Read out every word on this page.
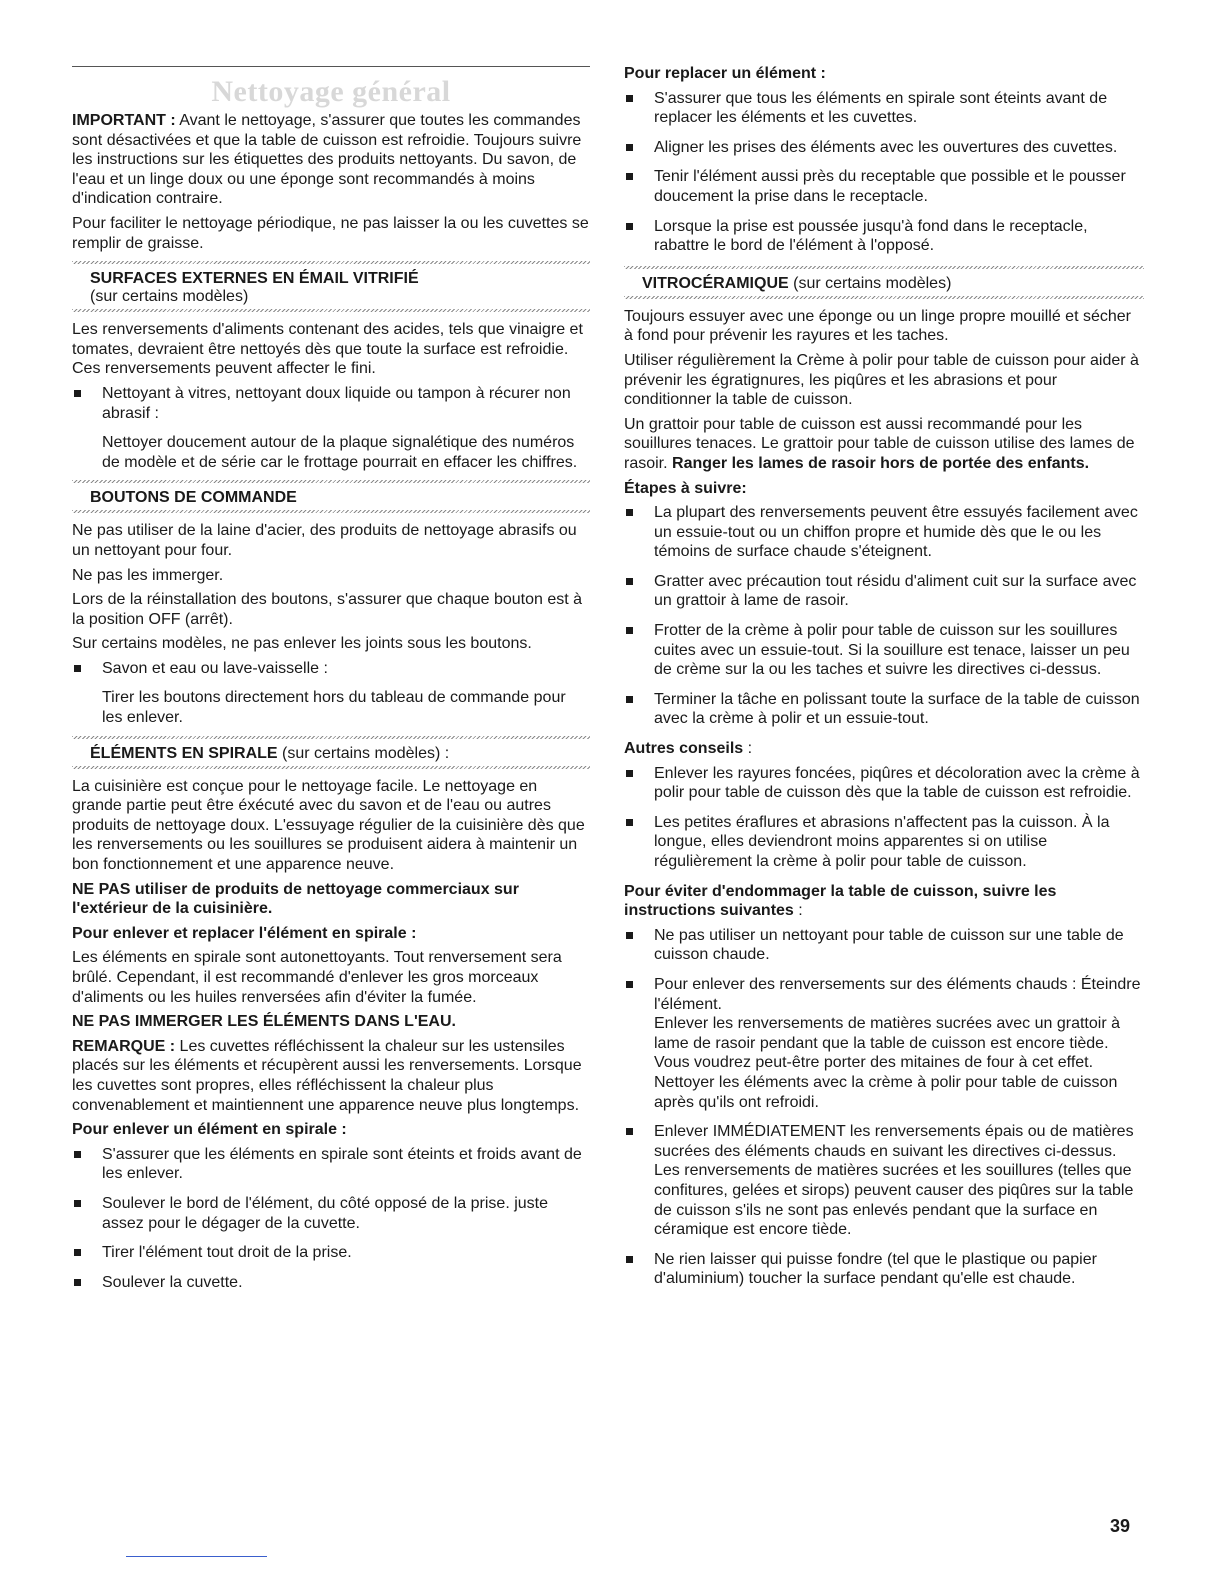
Nettoyage général

IMPORTANT : Avant le nettoyage, s'assurer que toutes les commandes sont désactivées et que la table de cuisson est refroidie. Toujours suivre les instructions sur les étiquettes des produits nettoyants. Du savon, de l'eau et un linge doux ou une éponge sont recommandés à moins d'indication contraire.

Pour faciliter le nettoyage périodique, ne pas laisser la ou les cuvettes se remplir de graisse.

SURFACES EXTERNES EN ÉMAIL VITRIFIÉ
(sur certains modèles)

Les renversements d'aliments contenant des acides, tels que vinaigre et tomates, devraient être nettoyés dès que toute la surface est refroidie. Ces renversements peuvent affecter le fini.

Nettoyant à vitres, nettoyant doux liquide ou tampon à récurer non abrasif :

Nettoyer doucement autour de la plaque signalétique des numéros de modèle et de série car le frottage pourrait en effacer les chiffres.

BOUTONS DE COMMANDE

Ne pas utiliser de la laine d'acier, des produits de nettoyage abrasifs ou un nettoyant pour four.

Ne pas les immerger.

Lors de la réinstallation des boutons, s'assurer que chaque bouton est à la position OFF (arrêt).

Sur certains modèles, ne pas enlever les joints sous les boutons.

Savon et eau ou lave-vaisselle :

Tirer les boutons directement hors du tableau de commande pour les enlever.

ÉLÉMENTS EN SPIRALE (sur certains modèles) :

La cuisinière est conçue pour le nettoyage facile. Le nettoyage en grande partie peut être éxécuté avec du savon et de l'eau ou autres produits de nettoyage doux. L'essuyage régulier de la cuisinière dès que les renversements ou les souillures se produisent aidera à maintenir un bon fonctionnement et une apparence neuve.

NE PAS utiliser de produits de nettoyage commerciaux sur l'extérieur de la cuisinière.

Pour enlever et replacer l'élément en spirale :

Les éléments en spirale sont autonettoyants. Tout renversement sera brûlé. Cependant, il est recommandé d'enlever les gros morceaux d'aliments ou les huiles renversées afin d'éviter la fumée.

NE PAS IMMERGER LES ÉLÉMENTS DANS L'EAU.

REMARQUE : Les cuvettes réfléchissent la chaleur sur les ustensiles placés sur les éléments et récupèrent aussi les renversements. Lorsque les cuvettes sont propres, elles réfléchissent la chaleur plus convenablement et maintiennent une apparence neuve plus longtemps.

Pour enlever un élément en spirale :

S'assurer que les éléments en spirale sont éteints et froids avant de les enlever.
Soulever le bord de l'élément, du côté opposé de la prise. juste assez pour le dégager de la cuvette.
Tirer l'élément tout droit de la prise.
Soulever la cuvette.

Pour replacer un élément :

S'assurer que tous les éléments en spirale sont éteints avant de replacer les éléments et les cuvettes.
Aligner les prises des éléments avec les ouvertures des cuvettes.
Tenir l'élément aussi près du receptable que possible et le pousser doucement la prise dans le receptacle.
Lorsque la prise est poussée jusqu'à fond dans le receptacle, rabattre le bord de l'élément à l'opposé.
VITROCÉRAMIQUE (sur certains modèles)

Toujours essuyer avec une éponge ou un linge propre mouillé et sécher à fond pour prévenir les rayures et les taches.

Utiliser régulièrement la Crème à polir pour table de cuisson pour aider à prévenir les égratignures, les piqûres et les abrasions et pour conditionner la table de cuisson.

Un grattoir pour table de cuisson est aussi recommandé pour les souillures tenaces. Le grattoir pour table de cuisson utilise des lames de rasoir. Ranger les lames de rasoir hors de portée des enfants.

Étapes à suivre:

La plupart des renversements peuvent être essuyés facilement avec un essuie-tout ou un chiffon propre et humide dès que le ou les témoins de surface chaude s'éteignent.
Gratter avec précaution tout résidu d'aliment cuit sur la surface avec un grattoir à lame de rasoir.
Frotter de la crème à polir pour table de cuisson sur les souillures cuites avec un essuie-tout. Si la souillure est tenace, laisser un peu de crème sur la ou les taches et suivre les directives ci-dessus.
Terminer la tâche en polissant toute la surface de la table de cuisson avec la crème à polir et un essuie-tout.

Autres conseils :

Enlever les rayures foncées, piqûres et décoloration avec la crème à polir pour table de cuisson dès que la table de cuisson est refroidie.
Les petites éraflures et abrasions n'affectent pas la cuisson. À la longue, elles deviendront moins apparentes si on utilise régulièrement la crème à polir pour table de cuisson.

Pour éviter d'endommager la table de cuisson, suivre les instructions suivantes :

Ne pas utiliser un nettoyant pour table de cuisson sur une table de cuisson chaude.
Pour enlever des renversements sur des éléments chauds : Éteindre l'élément.
Enlever les renversements de matières sucrées avec un grattoir à lame de rasoir pendant que la table de cuisson est encore tiède. Vous voudrez peut-être porter des mitaines de four à cet effet. Nettoyer les éléments avec la crème à polir pour table de cuisson après qu'ils ont refroidi.
Enlever IMMÉDIATEMENT les renversements épais ou de matières sucrées des éléments chauds en suivant les directives ci-dessus. Les renversements de matières sucrées et les souillures (telles que confitures, gelées et sirops) peuvent causer des piqûres sur la table de cuisson s'ils ne sont pas enlevés pendant que la surface en céramique est encore tiède.
Ne rien laisser qui puisse fondre (tel que le plastique ou papier d'aluminium) toucher la surface pendant qu'elle est chaude.
39
